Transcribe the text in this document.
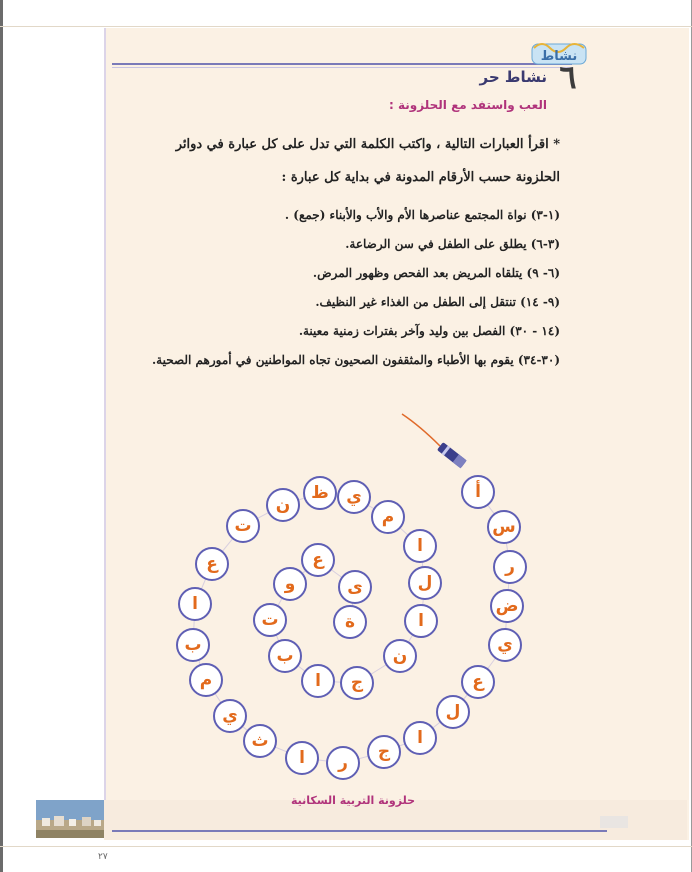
نشاط
٦
نشاط حر
العب واستفد مع الحلزونة :
* اقرأ العبارات التالية ، واكتب الكلمة التي تدل على كل عبارة في دوائر
الحلزونة حسب الأرقام المدونة في بداية كل عبارة :
(١-٣) نواة المجتمع عناصرها الأم والأب والأبناء (جمع) .
(٣-٦) يطلق على الطفل في سن الرضاعة.
(٦- ٩) يتلقاه المريض بعد الفحص وظهور المرض.
(٩- ١٤) تنتقل إلى الطفل من الغذاء غير النظيف.
(١٤ - ٣٠) الفصل بين وليد وآخر بفترات زمنية معينة.
(٣٠-٣٤) يقوم بها الأطباء والمثقفون الصحيون تجاه المواطنين في أمورهم الصحية.
أ
س
ر
ض
ي
ع
ل
ا
ج
ر
ا
ث
ي
م
ب
ا
ع
ت
ن
ظ	ي
م
ا
ل
ا
ن
ج
ا
ب
ت
و
ع
ى
ة
حلزونة التربية السكانية
٢٧
